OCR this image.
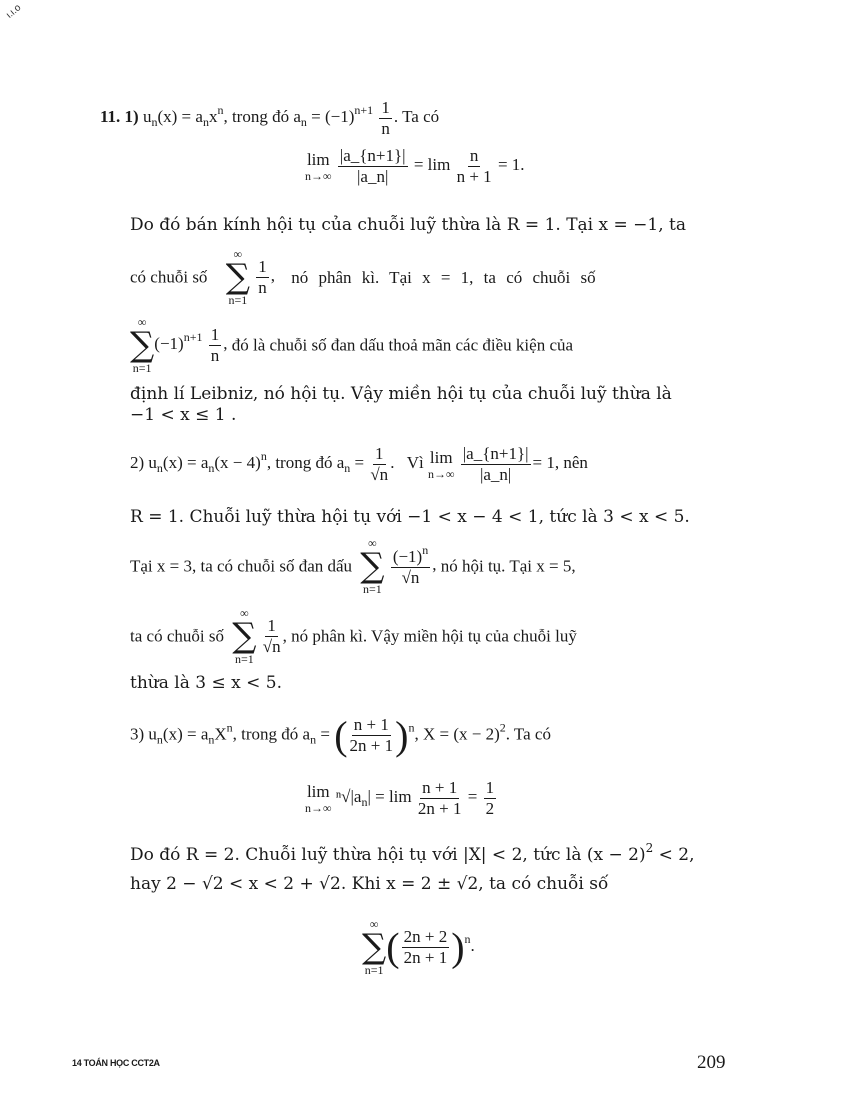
ι.ι.ο
11. 1) $u_n(x) = a_nx^n$, trong đó $a_n = (-1)^{n+1} \frac{1}{n}$ . Ta có
lim
n→∞
$\frac{|a\_\{n+1\}|}{|a\_n|} = \lim \frac{n}{n + 1} = 1$.
Do đó bán kính hội tụ của chuỗi luỹ thừa là R = 1. Tại x = −1, ta
có chuỗi số
∞
∑
n=1

$\frac{1}{n}$ , nó phân kì. Tại x = 1, ta có chuỗi số
∞
∑
n=1
$(-1)^{n+1} \frac{1}{n}$ , đó là chuỗi số đan dấu thoả mãn các điều kiện của
định lí Leibniz, nó hội tụ. Vậy miền hội tụ của chuỗi luỹ thừa là
−1 < x ≤ 1 .
2) $u_n(x) = a_n(x - 4)^n$, trong đó $a_n = \frac{1}{√n}$ . Vì lim
n→∞
$\frac{|a\_\{n+1\}|}{|a\_n|} = 1$, nên
R = 1. Chuỗi luỹ thừa hội tụ với −1 < x − 4 < 1, tức là 3 < x < 5.
Tại x = 3, ta có chuỗi số đan dấu
∞
∑
n=1

$\frac{(-1)^n}{√n}$ , nó hội tụ. Tại x = 5,
ta có chuỗi số
∞
∑
n=1

$\frac{1}{√n}$ , nó phân kì. Vậy miền hội tụ của chuỗi luỹ
thừa là 3 ≤ x < 5.
3) $u_n(x) = a_nX^n$, trong đó $a_n$ = ( $\frac{n + 1}{2n + 1} )^n$, $X = (x - 2)^2$. Ta có
lim
n→∞
$^n√|a_n| = \lim \frac{n + 1}{2n + 1} = \frac{1}{2}$
Do đó R = 2. Chuỗi luỹ thừa hội tụ với |X| < 2, tức là $(x - 2)^2 < 2$,
hay 2 − √2 < x < 2 + √2. Khi x = 2 ± √2, ta có chuỗi số
∞
∑
n=1
( $\frac{2n + 2}{2n + 1} )^n$.
14 TOÁN HỌC CCT2A	209
